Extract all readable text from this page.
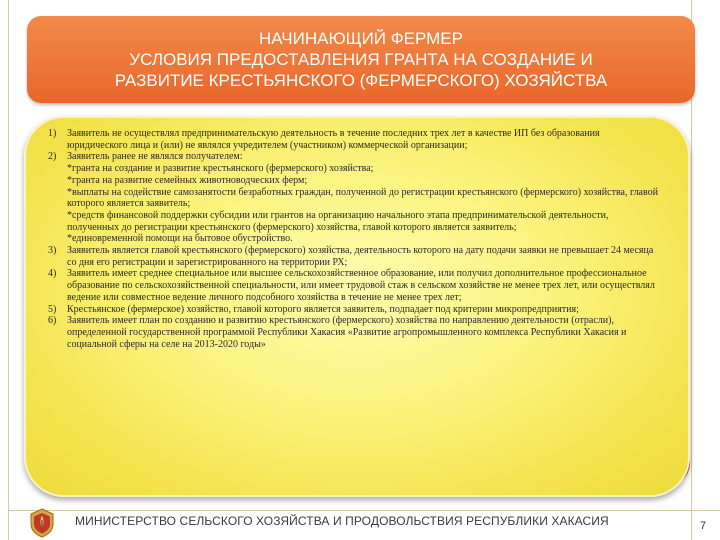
НАЧИНАЮЩИЙ ФЕРМЕР
УСЛОВИЯ ПРЕДОСТАВЛЕНИЯ ГРАНТА НА СОЗДАНИЕ И
РАЗВИТИЕ КРЕСТЬЯНСКОГО (ФЕРМЕРСКОГО) ХОЗЯЙСТВА
1) Заявитель не осуществлял предпринимательскую деятельность в течение последних трех лет в качестве ИП без образования юридического лица и (или) не являлся учредителем (участником) коммерческой организации;
2) Заявитель ранее не являлся получателем:
*гранта на создание и развитие крестьянского (фермерского) хозяйства;
*гранта на развитие семейных животноводческих ферм;
*выплаты на содействие самозанятости безработных граждан, полученной до регистрации крестьянского (фермерского) хозяйства, главой которого является заявитель;
*средств финансовой поддержки субсидии или грантов на организацию начального этапа предпринимательской деятельности, полученных до регистрации крестьянского (фермерского) хозяйства, главой которого является заявитель;
*единовременной помощи на бытовое обустройство.
3) Заявитель является главой крестьянского (фермерского) хозяйства, деятельность которого на дату подачи заявки не превышает 24 месяца со дня его регистрации и зарегистрированного на территории РХ;
4) Заявитель имеет среднее специальное или высшее сельскохозяйственное образование, или получил дополнительное профессиональное образование по сельскохозяйственной специальности, или имеет трудовой стаж в сельском хозяйстве не менее трех лет, или осуществлял ведение или совместное ведение личного подсобного хозяйства в течение не менее трех лет;
5) Крестьянское (фермерское) хозяйство, главой которого является заявитель, подпадает под критерии микропредприятия;
6) Заявитель имеет план по созданию и развитию крестьянского (фермерского) хозяйства по направлению деятельности (отрасли), определенной государственной программой Республики Хакасия «Развитие агропромышленного комплекса Республики Хакасия и социальной сферы на селе на 2013-2020 годы»
МИНИСТЕРСТВО СЕЛЬСКОГО ХОЗЯЙСТВА И ПРОДОВОЛЬСТВИЯ РЕСПУБЛИКИ ХАКАСИЯ	7
